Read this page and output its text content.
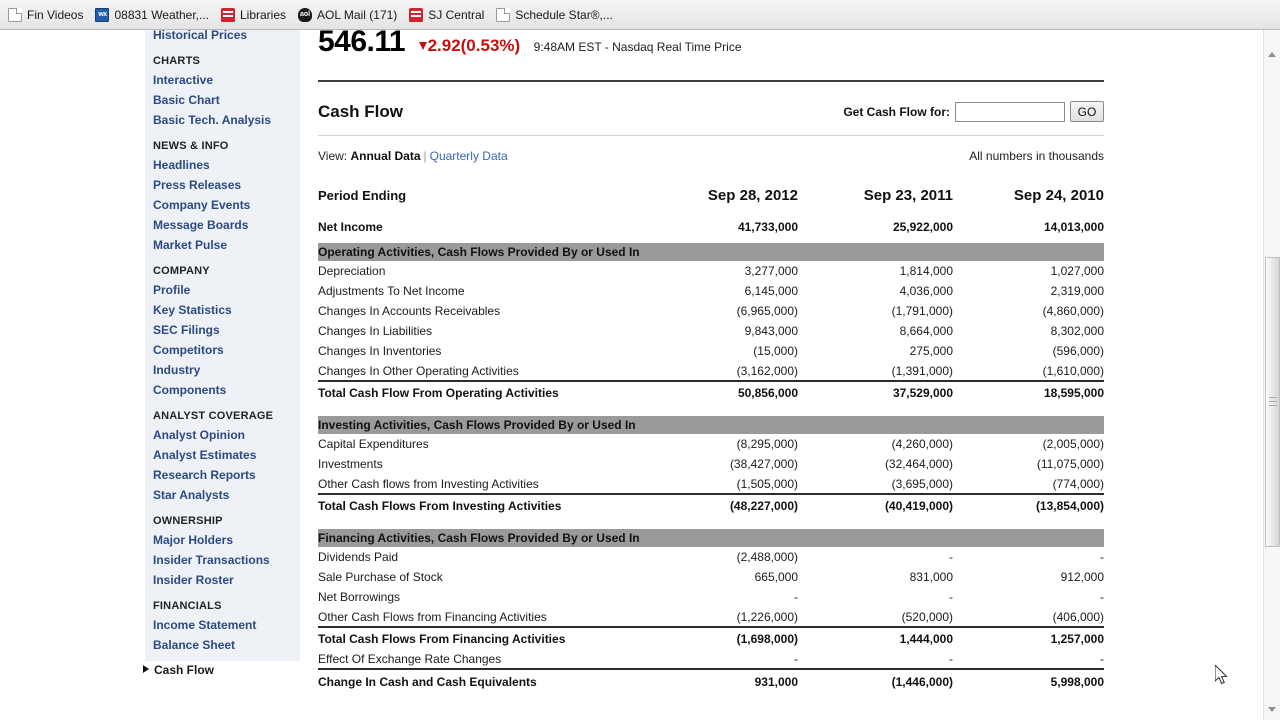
Fin Videos	wx 08831 Weather,...	Libraries aol	AOL Mail (171)	SJ Central	Schedule Star®,...
Historical Prices
CHARTS
Interactive
Basic Chart
Basic Tech. Analysis
NEWS & INFO
Headlines
Press Releases
Company Events
Message Boards
Market Pulse
COMPANY
Profile
Key Statistics
SEC Filings
Competitors
Industry
Components
ANALYST COVERAGE
Analyst Opinion
Analyst Estimates
Research Reports
Star Analysts
OWNERSHIP
Major Holders
Insider Transactions
Insider Roster
FINANCIALS
Income Statement
Balance Sheet
Cash Flow
546.11 2.92(0.53%) 9:48AM EST - Nasdaq Real Time Price
Cash Flow	Get Cash Flow for:	GO
View: Annual Data | Quarterly Data	All numbers in thousands
Period Ending	Sep 28, 2012	Sep 23, 2011	Sep 24, 2010
Net Income	41,733,000	25,922,000	14,013,000
Operating Activities, Cash Flows Provided By or Used In			
Depreciation	3,277,000	1,814,000	1,027,000
Adjustments To Net Income	6,145,000	4,036,000	2,319,000
Changes In Accounts Receivables	(6,965,000)	(1,791,000)	(4,860,000)
Changes In Liabilities	9,843,000	8,664,000	8,302,000
Changes In Inventories	(15,000)	275,000	(596,000)
Changes In Other Operating Activities	(3,162,000)	(1,391,000)	(1,610,000)
Total Cash Flow From Operating Activities	50,856,000	37,529,000	18,595,000

Investing Activities, Cash Flows Provided By or Used In			
Capital Expenditures	(8,295,000)	(4,260,000)	(2,005,000)
Investments	(38,427,000)	(32,464,000)	(11,075,000)
Other Cash flows from Investing Activities	(1,505,000)	(3,695,000)	(774,000)
Total Cash Flows From Investing Activities	(48,227,000)	(40,419,000)	(13,854,000)

Financing Activities, Cash Flows Provided By or Used In			
Dividends Paid	(2,488,000)	-	-
Sale Purchase of Stock	665,000	831,000	912,000
Net Borrowings	-	-	-
Other Cash Flows from Financing Activities	(1,226,000)	(520,000)	(406,000)
Total Cash Flows From Financing Activities	(1,698,000)	1,444,000	1,257,000
Effect Of Exchange Rate Changes	-	-	-
Change In Cash and Cash Equivalents	931,000	(1,446,000)	5,998,000
